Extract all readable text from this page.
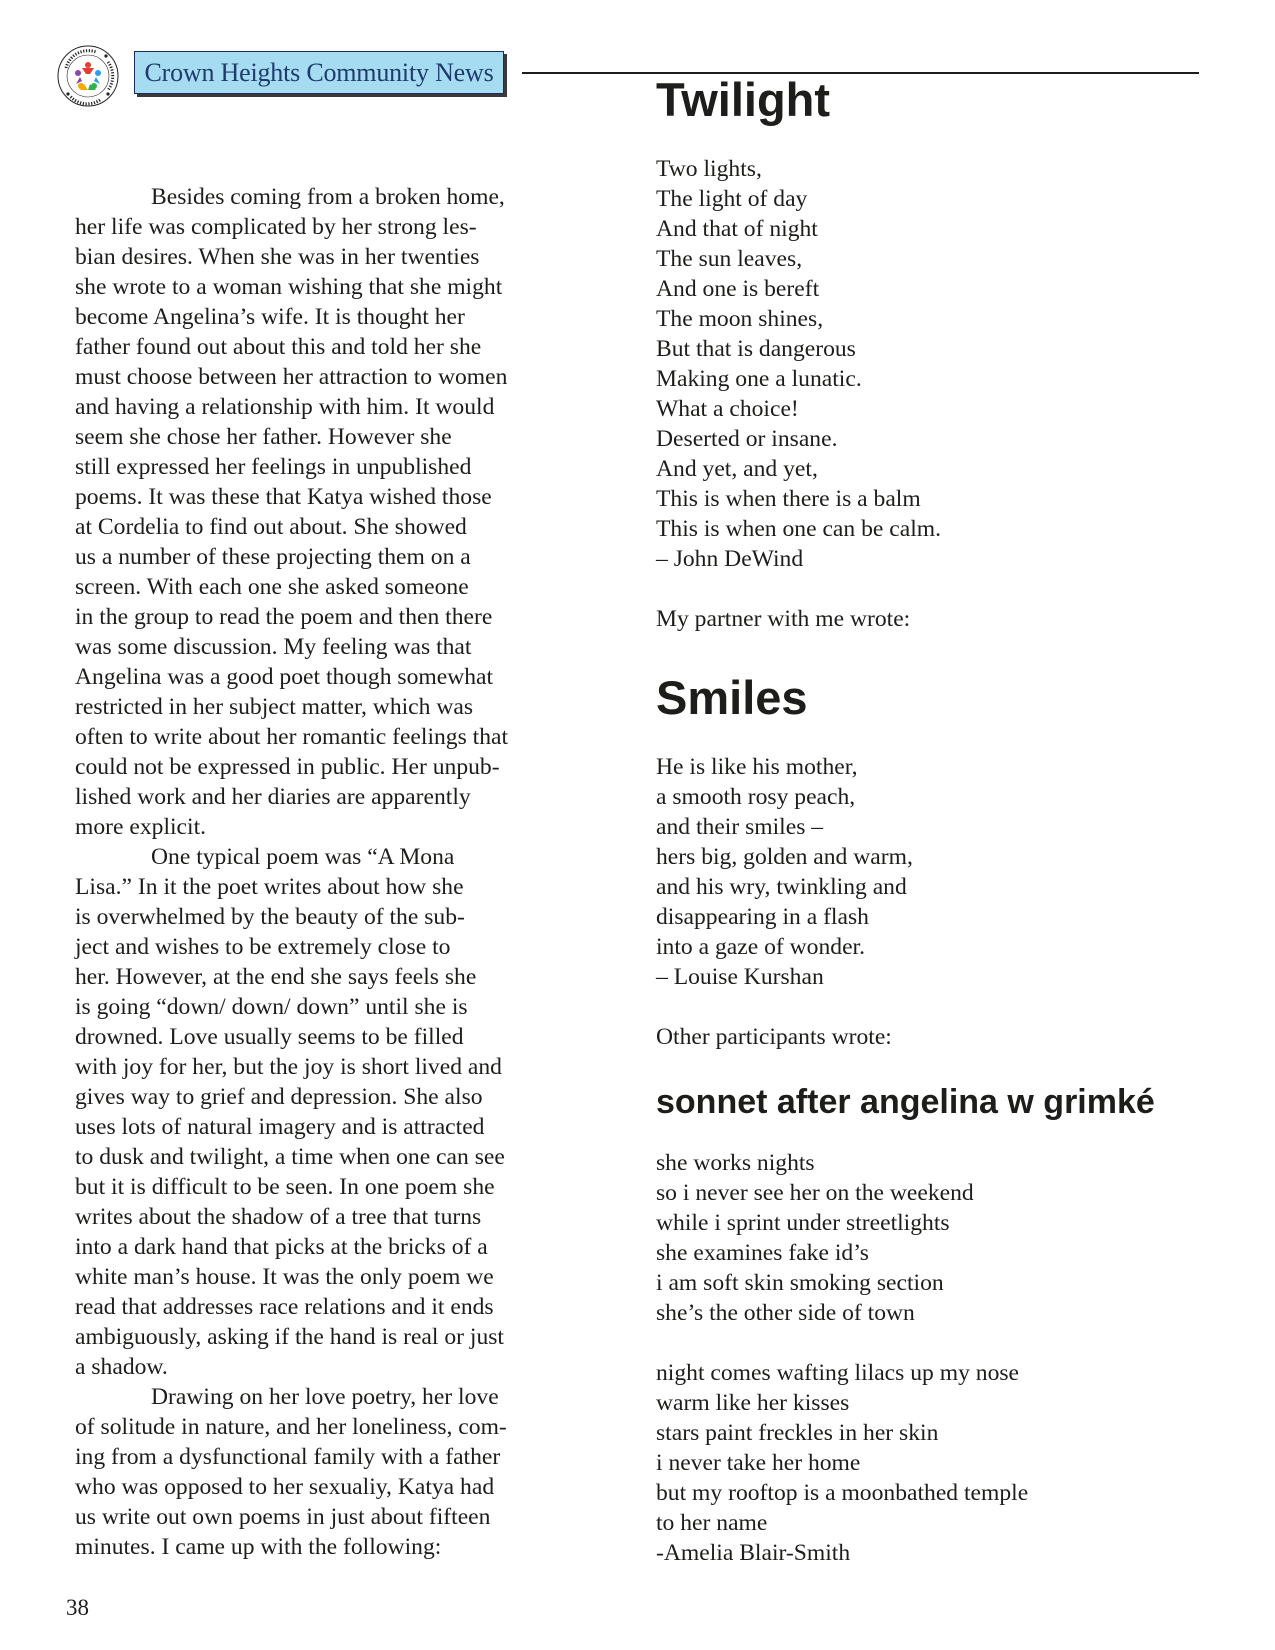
Crown Heights Community News
Besides coming from a broken home,
her life was complicated by her strong les-
bian desires. When she was in her twenties
she wrote to a woman wishing that she might
become Angelina’s wife. It is thought her
father found out about this and told her she
must choose between her attraction to women
and having a relationship with him. It would
seem she chose her father. However she
still expressed her feelings in unpublished
poems. It was these that Katya wished those
at Cordelia to find out about. She showed
us a number of these projecting them on a
screen. With each one she asked someone
in the group to read the poem and then there
was some discussion. My feeling was that
Angelina was a good poet though somewhat
restricted in her subject matter, which was
often to write about her romantic feelings that
could not be expressed in public. Her unpub-
lished work and her diaries are apparently
more explicit.
One typical poem was “A Mona
Lisa.” In it the poet writes about how she
is overwhelmed by the beauty of the sub-
ject and wishes to be extremely close to
her. However, at the end she says feels she
is going “down/ down/ down” until she is
drowned. Love usually seems to be filled
with joy for her, but the joy is short lived and
gives way to grief and depression. She also
uses lots of natural imagery and is attracted
to dusk and twilight, a time when one can see
but it is difficult to be seen. In one poem she
writes about the shadow of a tree that turns
into a dark hand that picks at the bricks of a
white man’s house. It was the only poem we
read that addresses race relations and it ends
ambiguously, asking if the hand is real or just
a shadow.
Drawing on her love poetry, her love
of solitude in nature, and her loneliness, com-
ing from a dysfunctional family with a father
who was opposed to her sexualiy, Katya had
us write out own poems in just about fifteen
minutes. I came up with the following:
Twilight
Two lights,
The light of day
And that of night
The sun leaves,
And one is bereft
The moon shines,
But that is dangerous
Making one a lunatic.
What a choice!
Deserted or insane.
And yet, and yet,
This is when there is a balm
This is when one can be calm.
– John DeWind
My partner with me wrote:
Smiles
He is like his mother,
a smooth rosy peach,
and their smiles –
hers big, golden and warm,
and his wry, twinkling and
disappearing in a flash
into a gaze of wonder.
– Louise Kurshan
Other participants wrote:
sonnet after angelina w grimké
she works nights
so i never see her on the weekend
while i sprint under streetlights
she examines fake id’s
i am soft skin smoking section
she’s the other side of town
night comes wafting lilacs up my nose
warm like her kisses
stars paint freckles in her skin
i never take her home
but my rooftop is a moonbathed temple
to her name
-Amelia Blair-Smith
38
